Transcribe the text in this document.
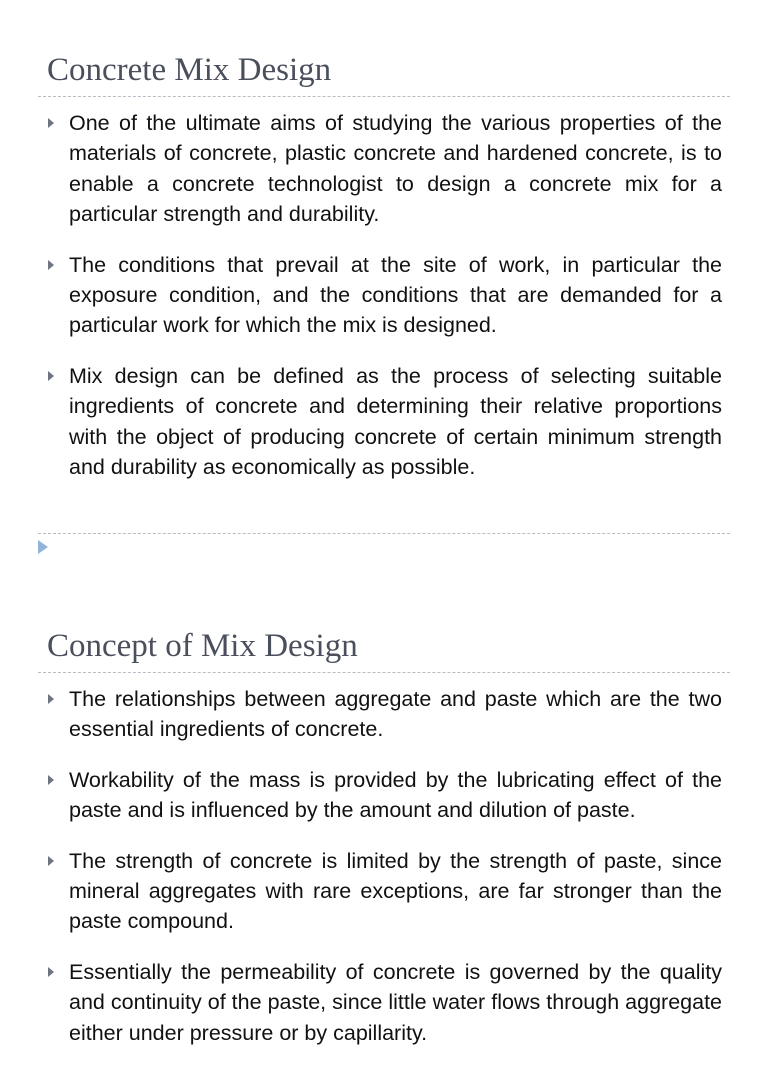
Concrete Mix Design
One of the ultimate aims of studying the various properties of the materials of concrete, plastic concrete and hardened concrete, is to enable a concrete technologist to design a concrete mix for a particular strength and durability.
The conditions that prevail at the site of work, in particular the exposure condition, and the conditions that are demanded for a particular work for which the mix is designed.
Mix design can be defined as the process of selecting suitable ingredients of concrete and determining their relative proportions with the object of producing concrete of certain minimum strength and durability as economically as possible.
Concept of Mix Design
The relationships between aggregate and paste which are the two essential ingredients of concrete.
Workability of the mass is provided by the lubricating effect of the paste and is influenced by the amount and dilution of paste.
The strength of concrete is limited by the strength of paste, since mineral aggregates with rare exceptions, are far stronger than the paste compound.
Essentially the permeability of concrete is governed by the quality and continuity of the paste, since little water flows through aggregate either under pressure or by capillarity.
